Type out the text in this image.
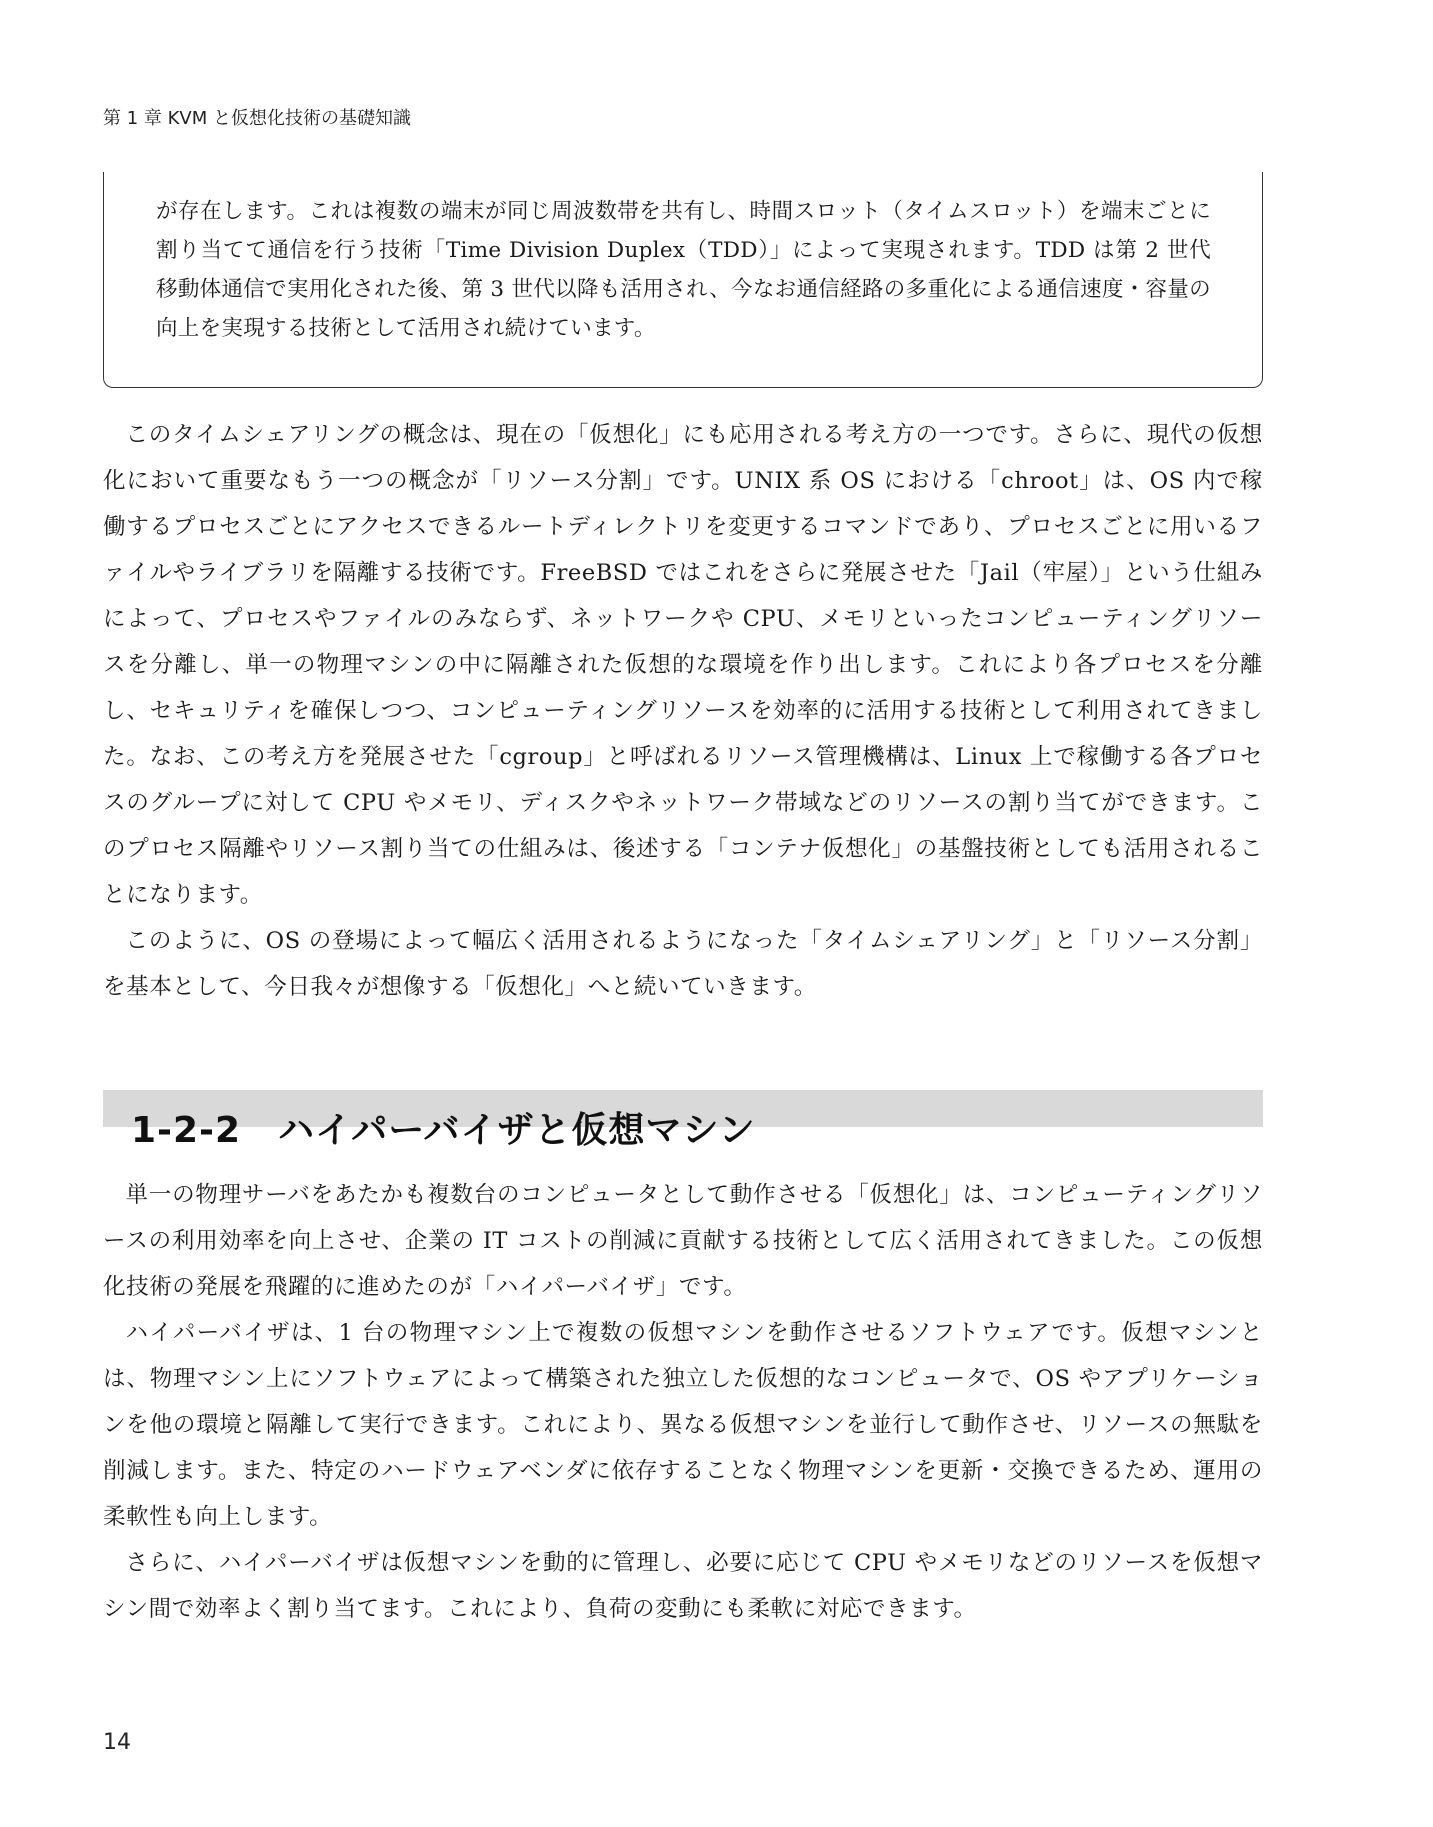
第 1 章 KVM と仮想化技術の基礎知識

が存在します。これは複数の端末が同じ周波数帯を共有し、時間スロット（タイムスロット）を端末ごとに割り当てて通信を行う技術「Time Division Duplex（TDD）」によって実現されます。TDD は第 2 世代移動体通信で実用化された後、第 3 世代以降も活用され、今なお通信経路の多重化による通信速度・容量の向上を実現する技術として活用され続けています。

このタイムシェアリングの概念は、現在の「仮想化」にも応用される考え方の一つです。さらに、現代の仮想化において重要なもう一つの概念が「リソース分割」です。UNIX 系 OS における「chroot」は、OS 内で稼働するプロセスごとにアクセスできるルートディレクトリを変更するコマンドであり、プロセスごとに用いるファイルやライブラリを隔離する技術です。FreeBSD ではこれをさらに発展させた「Jail（牢屋）」という仕組みによって、プロセスやファイルのみならず、ネットワークや CPU、メモリといったコンピューティングリソースを分離し、単一の物理マシンの中に隔離された仮想的な環境を作り出します。これにより各プロセスを分離し、セキュリティを確保しつつ、コンピューティングリソースを効率的に活用する技術として利用されてきました。なお、この考え方を発展させた「cgroup」と呼ばれるリソース管理機構は、Linux 上で稼働する各プロセスのグループに対して CPU やメモリ、ディスクやネットワーク帯域などのリソースの割り当てができます。このプロセス隔離やリソース割り当ての仕組みは、後述する「コンテナ仮想化」の基盤技術としても活用されることになります。

このように、OS の登場によって幅広く活用されるようになった「タイムシェアリング」と「リソース分割」を基本として、今日我々が想像する「仮想化」へと続いていきます。

1-2-2　ハイパーバイザと仮想マシン

単一の物理サーバをあたかも複数台のコンピュータとして動作させる「仮想化」は、コンピューティングリソースの利用効率を向上させ、企業の IT コストの削減に貢献する技術として広く活用されてきました。この仮想化技術の発展を飛躍的に進めたのが「ハイパーバイザ」です。

ハイパーバイザは、1 台の物理マシン上で複数の仮想マシンを動作させるソフトウェアです。仮想マシンとは、物理マシン上にソフトウェアによって構築された独立した仮想的なコンピュータで、OS やアプリケーションを他の環境と隔離して実行できます。これにより、異なる仮想マシンを並行して動作させ、リソースの無駄を削減します。また、特定のハードウェアベンダに依存することなく物理マシンを更新・交換できるため、運用の柔軟性も向上します。

さらに、ハイパーバイザは仮想マシンを動的に管理し、必要に応じて CPU やメモリなどのリソースを仮想マシン間で効率よく割り当てます。これにより、負荷の変動にも柔軟に対応できます。

14
